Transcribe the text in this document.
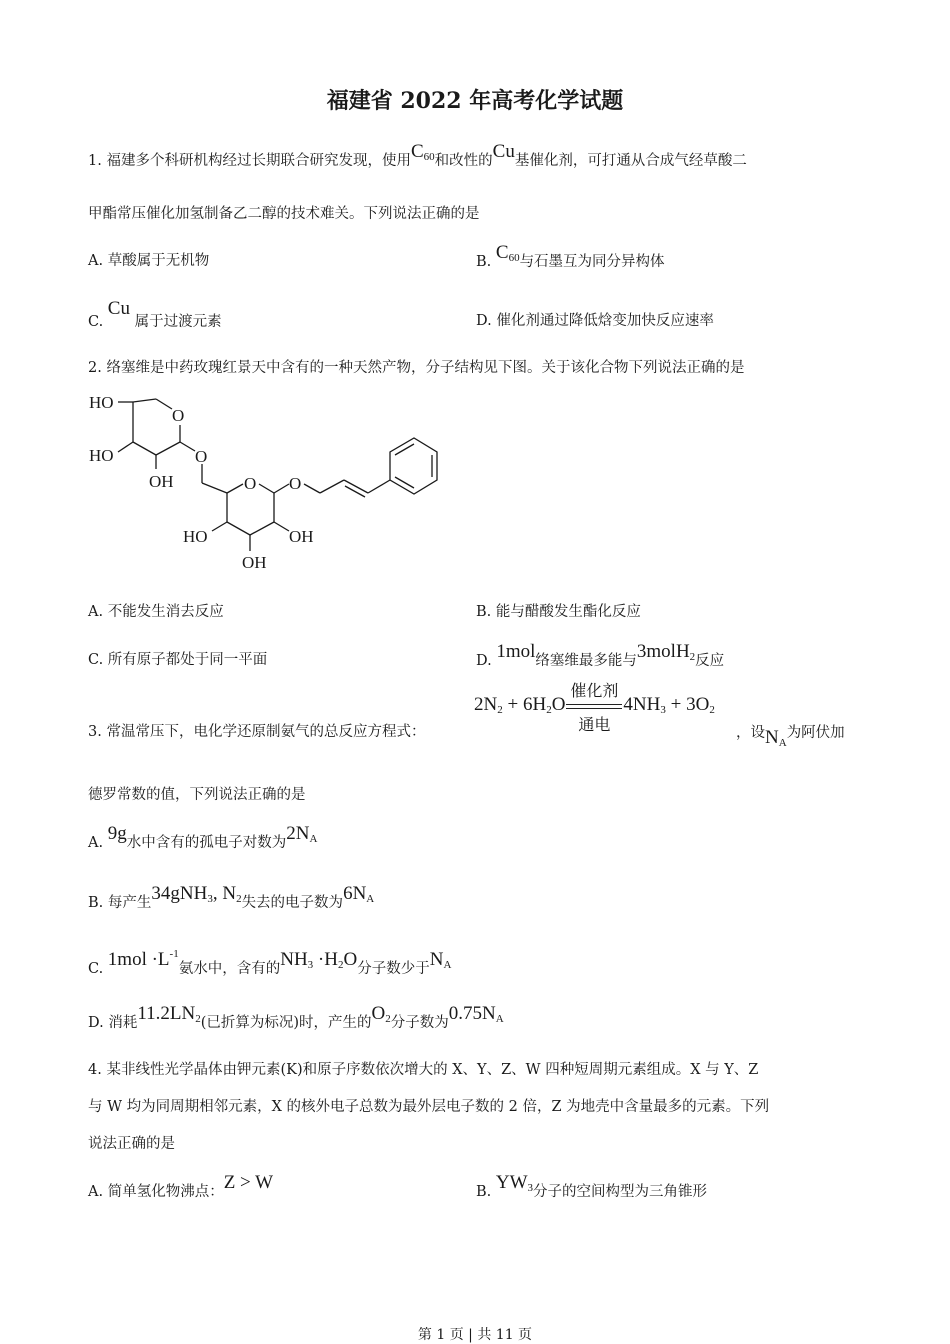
福建省 2022 年高考化学试题
1. 福建多个科研机构经过长期联合研究发现，使用$C_{60}$和改性的Cu基催化剂，可打通从合成气经草酸二
甲酯常压催化加氢制备乙二醇的技术难关。下列说法正确的是
A. 草酸属于无机物	B. $C_{60}$与石墨互为同分异构体
C. Cu 属于过渡元素	D. 催化剂通过降低焓变加快反应速率
2. 络塞维是中药玫瑰红景天中含有的一种天然产物，分子结构见下图。关于该化合物下列说法正确的是
HO
O
HO
OH
O
O O
HO	OH
OH
A. 不能发生消去反应	B. 能与醋酸发生酯化反应
C. 所有原子都处于同一平面	D. 1mol络塞维最多能与3molH$_2$反应
3. 常温常压下，电化学还原制氨气的总反应方程式：
$2N_2 + 6H_2O$
催化剂
通电
$4NH_3 + 3O_2$
，设$N_A$为阿伏加
德罗常数的值，下列说法正确的是
A. 9g水中含有的孤电子对数为$2N_A$
B. 每产生34gNH$_3$, $N_2$失去的电子数为$6N_A$
C. $1mol \cdot L^{-1}$氨水中，含有的$NH_3 \cdot H_2O$分子数少于$N_A$
D. 消耗$11.2LN_2$(已折算为标况)时，产生的$O_2$分子数为$0.75N_A$
4. 某非线性光学晶体由钾元素(K)和原子序数依次增大的 X、Y、Z、W 四种短周期元素组成。X 与 Y、Z
与 W 均为同周期相邻元素，X 的核外电子总数为最外层电子数的 2 倍，Z 为地壳中含量最多的元素。下列
说法正确的是
A. 简单氢化物沸点：Z > W	B. $YW_3$分子的空间构型为三角锥形
第 1 页 | 共 11 页
